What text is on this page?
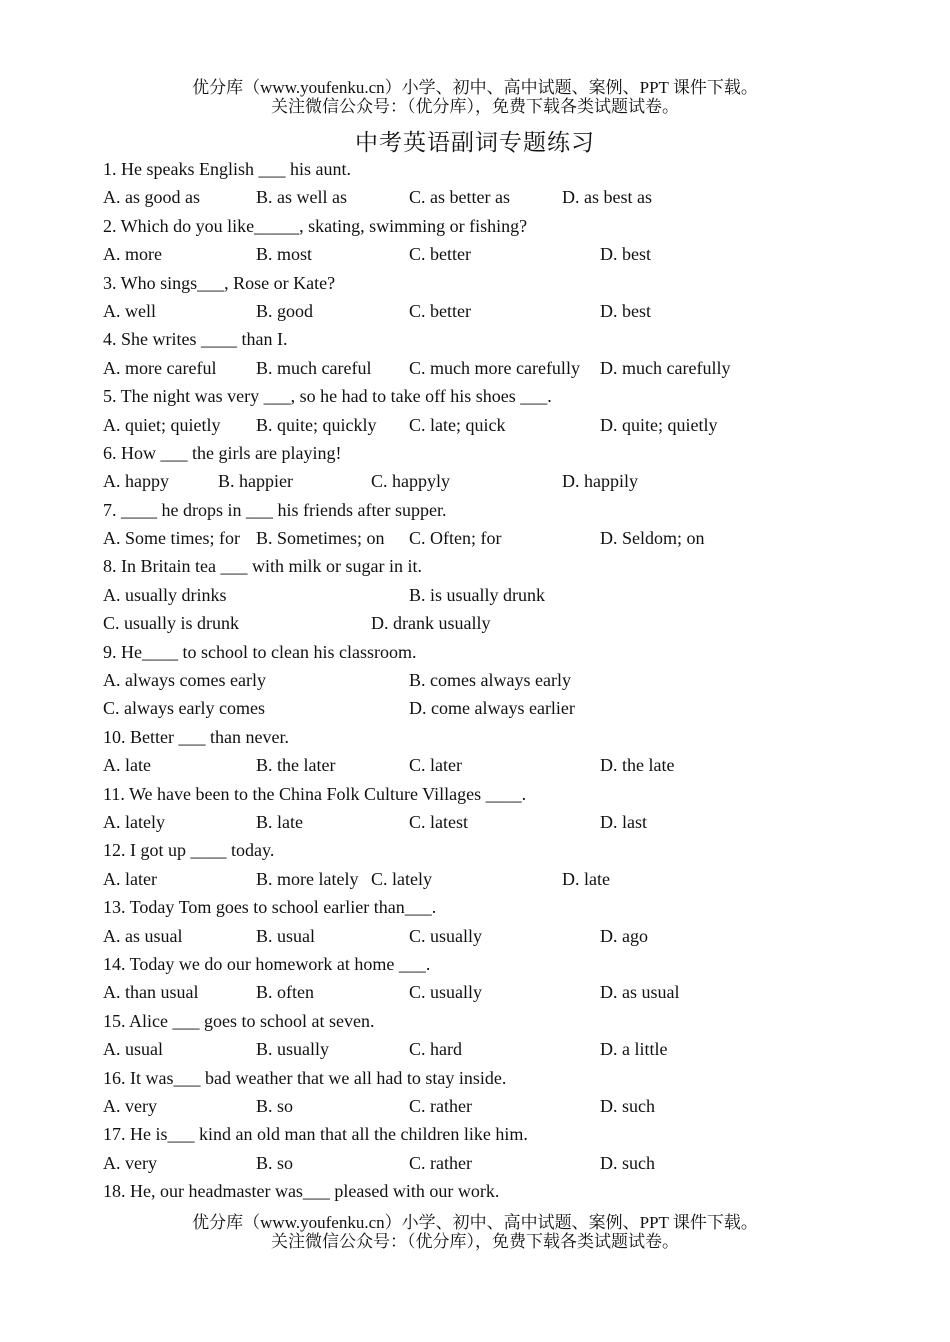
优分库（www.youfenku.cn）小学、初中、高中试题、案例、PPT 课件下载。
关注微信公众号：（优分库），免费下载各类试题试卷。
中考英语副词专题练习
1. He speaks English ___ his aunt.
A. as good as	B. as well as	C. as better as	D. as best as
2. Which do you like_____, skating, swimming or fishing?
A. more	B. most	C. better	D. best
3. Who sings___, Rose or Kate?
A. well	B. good	C. better	D. best
4. She writes ____ than I.
A. more careful B. much careful C. much more carefully D. much carefully
5. The night was very ___, so he had to take off his shoes ___.
A. quiet; quietly B. quite; quickly C. late; quick	D. quite; quietly
6. How ___ the girls are playing!
A. happy	B. happier	C. happyly	D. happily
7. ____ he drops in ___ his friends after supper.
A. Some times; for B. Sometimes; on C. Often; for	D. Seldom; on
8. In Britain tea ___ with milk or sugar in it.
A. usually drinks	B. is usually drunk
C. usually is drunk	D. drank usually
9. He____ to school to clean his classroom.
A. always comes early	B. comes always early
C. always early comes	D. come always earlier
10. Better ___ than never.
A. late	B. the later	C. later	D. the late
11. We have been to the China Folk Culture Villages ____.
A. lately	B. late	C. latest	D. last
12. I got up ____ today.
A. later	B. more lately C. lately	D. late
13. Today Tom goes to school earlier than___.
A. as usual	B. usual	C. usually	D. ago
14. Today we do our homework at home ___.
A. than usual	B. often	C. usually	D. as usual
15. Alice ___ goes to school at seven.
A. usual	B. usually	C. hard	D. a little
16. It was___ bad weather that we all had to stay inside.
A. very	B. so	C. rather	D. such
17. He is___ kind an old man that all the children like him.
A. very	B. so	C. rather	D. such
18. He, our headmaster was___ pleased with our work.
优分库（www.youfenku.cn）小学、初中、高中试题、案例、PPT 课件下载。
关注微信公众号：（优分库），免费下载各类试题试卷。
